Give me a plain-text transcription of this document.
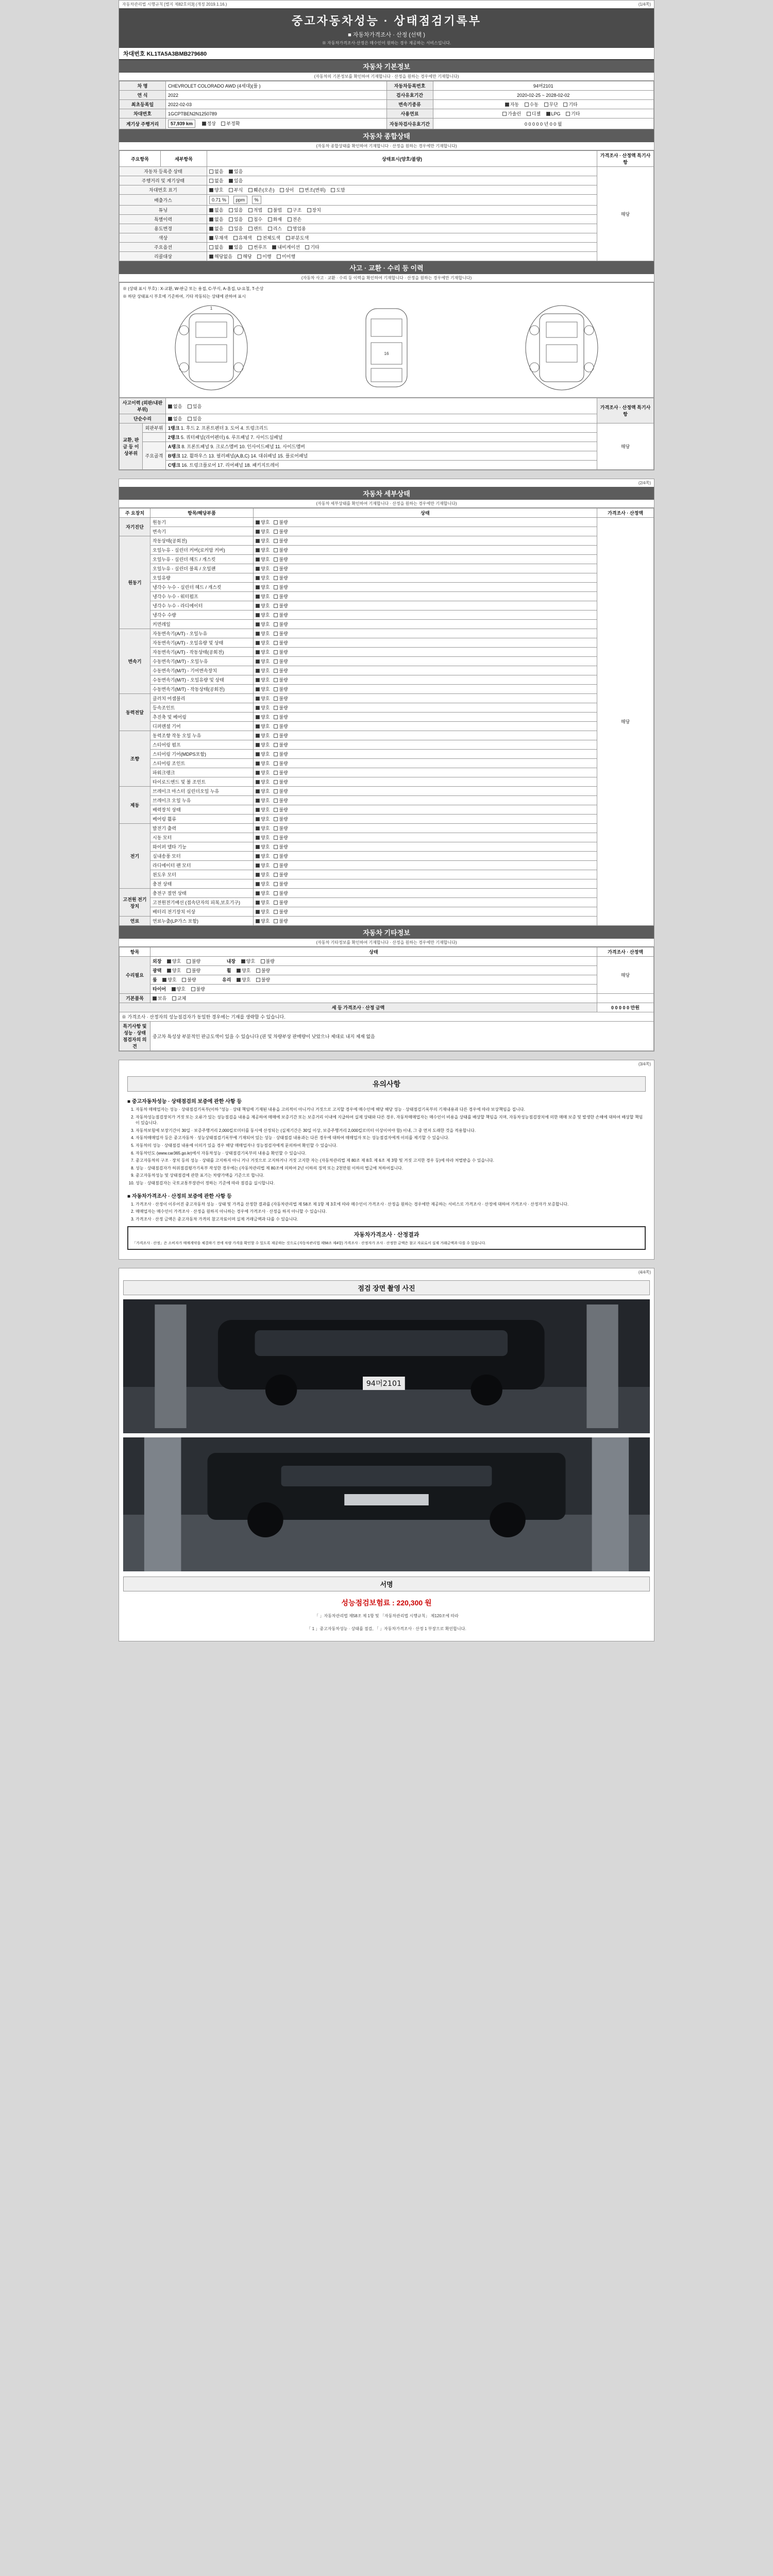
자동차관리법 시행규칙 [별지 제82호의3] (개정 2019.1.16.)	(1/4쪽)
중고자동차성능 · 상태점검기록부
■ 자동차가격조사 · 산정 (선택 )
※ 자동차가격조사·산정은 매수인이 원하는 경우 제공하는 서비스입니다.
차대번호 KL1TA5A3BMB279680
자동차 기본정보
(자동차의 기본정보를 확인하여 기재합니다 · 산정을 원하는 경우에만 기재합니다)
차 명	CHEVROLET COLORADO AWD (4세대)(풀 )	자동차등록번호	94머2101
연 식	2022	검사유효기간	2020-02-25 ~ 2028-02-02
최초등록일	2022-02-03	변속기종류	자동 수동 무단 기타
차대번호	1GCPTBEN2N1250789	사용연료	가솔린 디젤 LPG 기타
계기상 주행거리	57,939 km 정상 부정확	자동차검사유효기간	0 0 0 0 0 년 0 0 월
자동차 종합상태
(자동차 종합상태를 확인하여 기재합니다 · 산정을 원하는 경우에만 기재합니다)
주요항목	세부항목	상태표시(양호/불량)	가격조사 · 산정액 특기사항
자동차 등록증 상태		없음 있음	해당
주행거리 및 계기상태		없음 있음	
차대번호 표기		양호 부식 훼손(오손) 상이 변조(변위) 도말	
배출가스		0.71 % ppm %	
튜닝		없음 있음 적법 불법 구조 장치	
특별이력		없음 있음 침수 화재 전손	
용도변경		없음 있음 렌트 리스 영업용	
색상		무채색 유채색 전체도색 부분도색	
주요옵션		없음 있음 썬루프 내비게이션 기타	
리콜대상		해당없음 해당 이행 미이행	
사고 · 교환 · 수리 등 이력
(자동차 사고 · 교환 · 수리 등 이력을 확인하여 기재합니다 · 산정을 원하는 경우에만 기재합니다)
※ (상태 표시 부호) : X-교환, W-판금 또는 용접, C-부식, A-흠집, U-요철, T-손상
※ 하단 상태표시 부호에 기준하여, 기타 작동되는 상태에 관하여 표시
1
16
사고이력 (외판/내판 부위)		없음 있음	가격조사 · 산정액 특기사항
단순수리		없음 있음	
교환, 판금 등 이상부위	외판부위	1랭크 1. 후드 2. 프론트펜더 3. 도어 4. 트렁크리드	해당
		2랭크 5. 쿼터패널(리어펜더) 6. 루프패널 7. 사이드실패널	
	주요골격	A랭크 8. 프론트패널 9. 크로스멤버 10. 인사이드패널 11. 사이드멤버	
		B랭크 12. 휠하우스 13. 필러패널(A,B,C) 14. 대쉬패널 15. 플로어패널	
		C랭크 16. 트렁크플로어 17. 리어패널 18. 패키지트레이	
(2/4쪽)
자동차 세부상태
(자동차 세부상태를 확인하여 기재합니다 · 산정을 원하는 경우에만 기재합니다)
주 요장치	항목/해당부품	상태	가격조사 · 산정액
자기진단	원동기	양호 불량	해당
	변속기	양호 불량	
원동기	작동상태(공회전)	양호 불량	
	오일누유 - 실린더 커버(로커암 커버)	양호 불량	
	오일누유 - 실린더 헤드 / 개스킷	양호 불량	
	오일누유 - 실린더 블록 / 오일팬	양호 불량	
	오일유량	양호 불량	
	냉각수 누수 - 실린더 헤드 / 개스킷	양호 불량	
	냉각수 누수 - 워터펌프	양호 불량	
	냉각수 누수 - 라디에이터	양호 불량	
	냉각수 수량	양호 불량	
	커먼레일	양호 불량	
변속기	자동변속기(A/T) - 오일누유	양호 불량	
	자동변속기(A/T) - 오일유량 및 상태	양호 불량	
	자동변속기(A/T) - 작동상태(공회전)	양호 불량	
	수동변속기(M/T) - 오일누유	양호 불량	
	수동변속기(M/T) - 기어변속장치	양호 불량	
	수동변속기(M/T) - 오일유량 및 상태	양호 불량	
	수동변속기(M/T) - 작동상태(공회전)	양호 불량	
동력전달	클러치 어셈블리	양호 불량	
	등속조인트	양호 불량	
	추진축 및 베어링	양호 불량	
	디퍼렌셜 기어	양호 불량	
조향	동력조향 작동 오일 누유	양호 불량	
	스티어링 펌프	양호 불량	
	스티어링 기어(MDPS포함)	양호 불량	
	스티어링 조인트	양호 불량	
	파워크랭크	양호 불량	
	타이로드엔드 및 볼 조인트	양호 불량	
제동	브레이크 마스터 실린더오일 누유	양호 불량	
	브레이크 오일 누유	양호 불량	
	배력장치 상태	양호 불량	
	베어링 휠류	양호 불량	
전기	발전기 출력	양호 불량	
	시동 모터	양호 불량	
	와이퍼 델타 기능	양호 불량	
	실내송풍 모터	양호 불량	
	라디에이터 팬 모터	양호 불량	
	윈도우 모터	양호 불량	
	충전 상태	양호 불량	
고전원 전기장치	충전구 절연 상태	양호 불량	
	고전원전기배선 (접속단자의 피복,보호기구)	양호 불량	
	배터리 전기장치 이상	양호 불량	
연료	연료누출(LP가스 포함)	양호 불량	
자동차 기타정보
(자동차 기타정보를 확인하여 기재합니다 · 산정을 원하는 경우에만 기재합니다)
항목	상태	가격조사 · 산정액
수리필요	외장 양호 불량 내장 양호 불량	해당
	광택 양호 불량 휠 양호 불량	
	룸 양호 불량 유리 양호 불량	
	타이어 양호 불량	
기본품목	보유 교체	
세 등 가격조사 · 산정 금액		0 0 0 0 0 만원
※ 가격조사 · 산정자의 성능점검자가 동일한 경우에는 기재를 생략할 수 있습니다.		
특기사항 및 성능 · 상태 점검자의 의견	중고차 특성상 부분적인 판금도색이 있을 수 있습니다 (핀 및 차량부상 판매량이 낮았으나 제대로 내지 제재 없음	
(3/4쪽)
유의사항
■ 중고자동차성능 · 상태점검의 보증에 관한 사항 등
1. 자동차 매매업자는 성능 · 상태점검기록부(이하 "성능 · 상태 책임에 기재된 내용을 고의적이 아니거나 거짓으로 고지할 경우에 매수인에 해당 해당 성능 · 상태점검기록부의 기재내용과 다른 경우에 따라 보상책임을 집니다.
2. 자동차성능점검장치가 거짓 또는 오류가 있는 성능점검을 내용을 제공하여 매매에 보증기간 또는 보증거리 이내에 지급하여 실제 상태와 다른 경우, 자동차매매업자는 매수인이 비용을 상태를 배상할 책임을 지며, 자동차성능점검장치에 의한 매매 보증 및 발생한 손해에 대하여 배상할 책임이 있습니다.
3. 자동차보험에 보장기간이 30일 · 보증주행거리 2,000킬로미터를 동시에 산정되는 (실제기간은 30일 이상, 보증주행거리 2,000킬로미터 이상이어야 함) 이내, 그 중 먼저 도래한 것을 적용합니다.
4. 자동차매매업자 등은 중고자동차 · 성능상태점검기록부에 기재되어 있는 성능 · 상태점검 내용과는 다른 경우에 대하여 매매업자 또는 성능점검자에게 이의를 제기할 수 있습니다.
5. 자동차의 성능 · 상태점검 내용에 이의가 있을 경우 해당 매매업자나 성능점검자에게 문의하여 확인할 수 있습니다.
6. 자동차인도 (www.car365.go.kr)에서 자동차성능 · 상태점검기록부의 내용을 확인할 수 있습니다.
7. 중고자동차의 구조 · 장치 등의 성능 · 상태를 고지하지 아니 거나 거짓으로 고지하거나 거짓 고지한 자는 (자동차관리법 제 80조 제 8호 제 6조 제 3항 및 거짓 고지한 경우 등)에 따라 처벌받을 수 있습니다.
8. 성능 · 상태점검자가 허위점검평가기록부 작성한 경우에는 (자동차관리법 제 80조에 의하여 2년 이하의 징역 또는 2천만원 이하의 벌금에 처하여집니다.
9. 중고자동차성능 및 상태점검에 관한 표기는 차량가액을 기준으로 합니다.
10. 성능 · 상태점검자는 국토교통부장관이 정하는 기준에 따라 점검을 실시합니다.
■ 자동차가격조사 · 산정의 보증에 관한 사항 등
1. 가격조사 · 산정이 이루어진 중고자동차 성능 · 상태 및 가격을 산정한 결과를 (자동차관리법 제 58조 제 1항 제 3호에 따라 매수인이 가격조사 · 산정을 원하는 경우에만 제공하는 서비스로 가격조사 · 산정에 대하여 가격조사 · 산정자가 보증합니다.
2. 매매업자는 매수인이 가격조사 · 산정을 원하지 아니하는 경우에 가격조사 · 산정을 하지 아니할 수 있습니다.
3. 가격조사 · 산정 금액은 중고자동차 가격의 참고자료이며 실제 거래금액과 다를 수 있습니다.
자동차가격조사 · 산정결과
「가격조사 · 산정」은 소비자가 매매계약을 체결하기 전에 차량 가격을 확인할 수 있도록 제공하는 것으로 (자동차관리법 제58조 제4항) 가격조사 · 산정자가 조사 · 산정한 금액은 참고 자료로서 실제 거래금액과 다를 수 있습니다.
(4/4쪽)
점검 장면 촬영 사진
94머2101
서명
성능점검보험료 : 220,300 원
「 」자동차관리법 제58조 제 1항 및 「자동차관리법 시행규칙」 제120조에 따라
「 1 」중고자동차성능 · 상태를 점검, 「 」자동차가격조사 · 산정 1 부장으로 확인합니다.
